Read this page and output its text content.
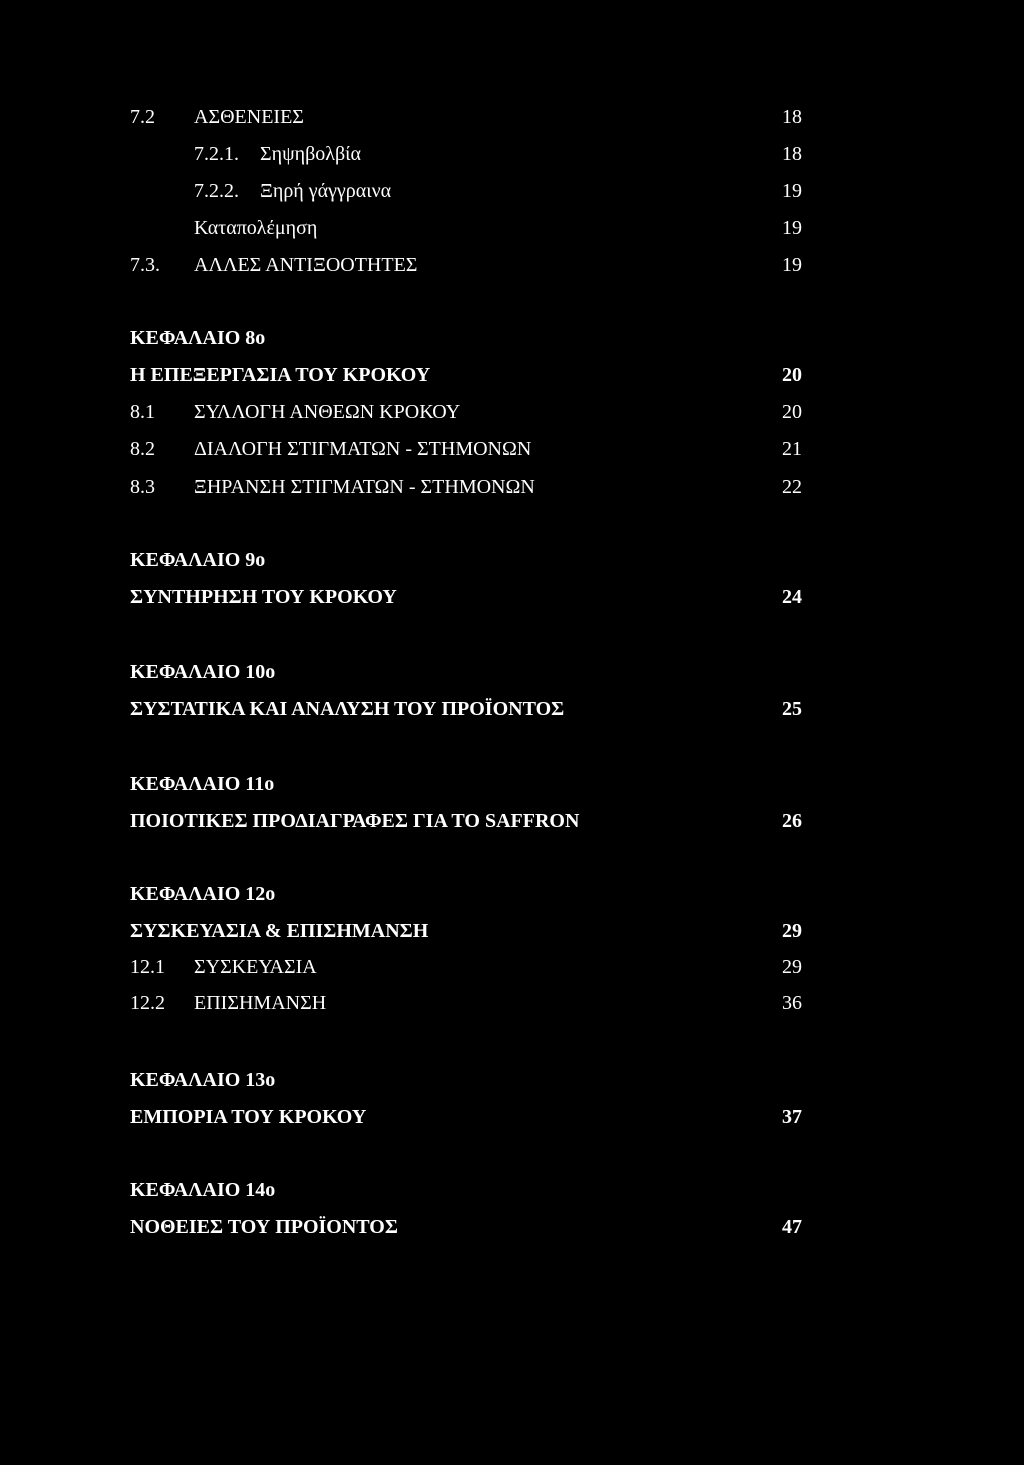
7.2 ΑΣΘΕΝΕΙΕΣ	18
7.2.1. Σηψηβολβία	18
7.2.2. Ξηρή γάγγραινα	19
Καταπολέμηση	19
7.3. ΑΛΛΕΣ ΑΝΤΙΞΟΟΤΗΤΕΣ	19
ΚΕΦΑΛΑΙΟ 8ο
Η ΕΠΕΞΕΡΓΑΣΙΑ ΤΟΥ ΚΡΟΚΟΥ	20
8.1 ΣΥΛΛΟΓΗ ΑΝΘΕΩΝ ΚΡΟΚΟΥ	20
8.2 ΔΙΑΛΟΓΗ ΣΤΙΓΜΑΤΩΝ - ΣΤΗΜΟΝΩΝ	21
8.3 ΞΗΡΑΝΣΗ ΣΤΙΓΜΑΤΩΝ - ΣΤΗΜΟΝΩΝ	22
ΚΕΦΑΛΑΙΟ 9ο
ΣΥΝΤΗΡΗΣΗ ΤΟΥ ΚΡΟΚΟΥ	24
ΚΕΦΑΛΑΙΟ 10ο
ΣΥΣΤΑΤΙΚΑ ΚΑΙ ΑΝΑΛΥΣΗ ΤΟΥ ΠΡΟΪΟΝΤΟΣ	25
ΚΕΦΑΛΑΙΟ 11ο
ΠΟΙΟΤΙΚΕΣ ΠΡΟΔΙΑΓΡΑΦΕΣ ΓΙΑ ΤΟ SAFFRON	26
ΚΕΦΑΛΑΙΟ 12ο
ΣΥΣΚΕΥΑΣΙΑ & ΕΠΙΣΗΜΑΝΣΗ	29
12.1 ΣΥΣΚΕΥΑΣΙΑ	29
12.2 ΕΠΙΣΗΜΑΝΣΗ	36
ΚΕΦΑΛΑΙΟ 13ο
ΕΜΠΟΡΙΑ ΤΟΥ ΚΡΟΚΟΥ	37
ΚΕΦΑΛΑΙΟ 14ο
ΝΟΘΕΙΕΣ ΤΟΥ ΠΡΟΪΟΝΤΟΣ	47
